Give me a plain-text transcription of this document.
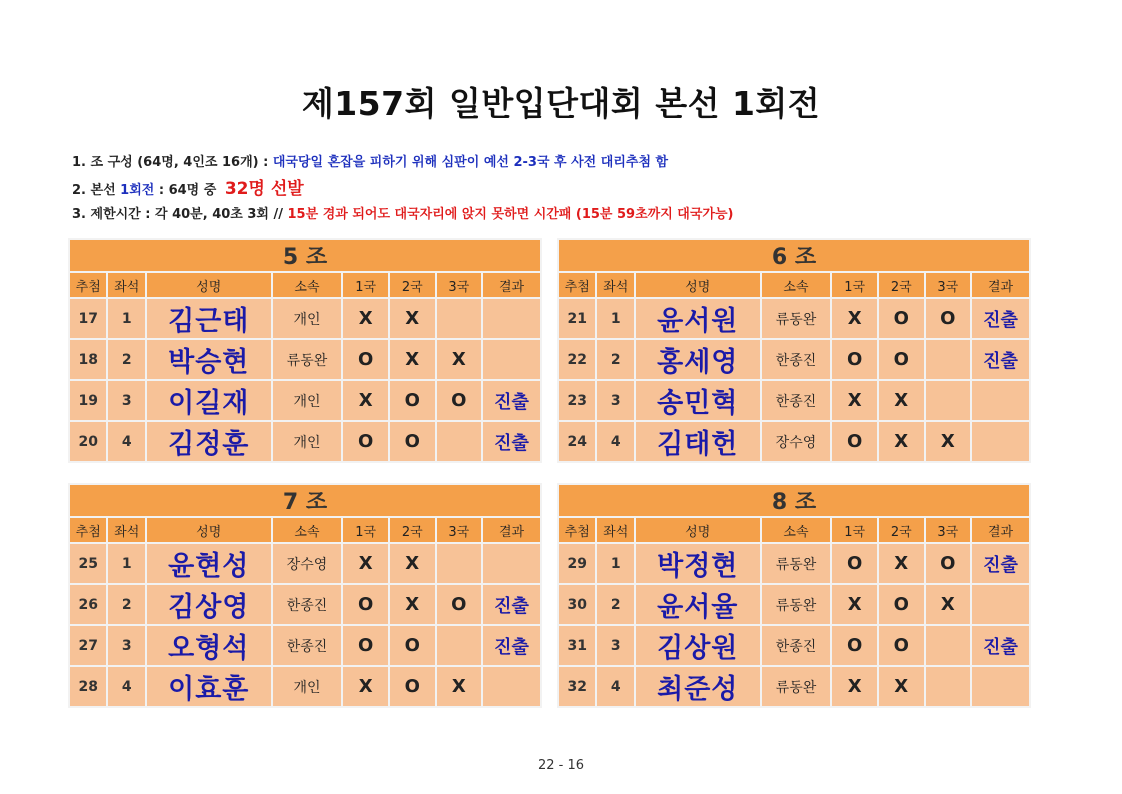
제157회 일반입단대회 본선 1회전
1. 조 구성 (64명, 4인조 16개) : 대국당일 혼잡을 피하기 위해 심판이 예선 2-3국 후 사전 대리추첨 함
2. 본선 1회전 : 64명 중 32명 선발
3. 제한시간 : 각 40분, 40초 3회 // 15분 경과 되어도 대국자리에 앉지 못하면 시간패 (15분 59초까지 대국가능)
5 조							
추첨	좌석	성명	소속	1국	2국	3국	결과
17	1	김근태	개인	X	X		
18	2	박승현	류동완	O	X	X	
19	3	이길재	개인	X	O	O	진출
20	4	김정훈	개인	O	O		진출
6 조							
추첨	좌석	성명	소속	1국	2국	3국	결과
21	1	윤서원	류동완	X	O	O	진출
22	2	홍세영	한종진	O	O		진출
23	3	송민혁	한종진	X	X		
24	4	김태헌	장수영	O	X	X	
7 조							
추첨	좌석	성명	소속	1국	2국	3국	결과
25	1	윤현성	장수영	X	X		
26	2	김상영	한종진	O	X	O	진출
27	3	오형석	한종진	O	O		진출
28	4	이효훈	개인	X	O	X	
8 조							
추첨	좌석	성명	소속	1국	2국	3국	결과
29	1	박정현	류동완	O	X	O	진출
30	2	윤서율	류동완	X	O	X	
31	3	김상원	한종진	O	O		진출
32	4	최준성	류동완	X	X		
22 - 16
